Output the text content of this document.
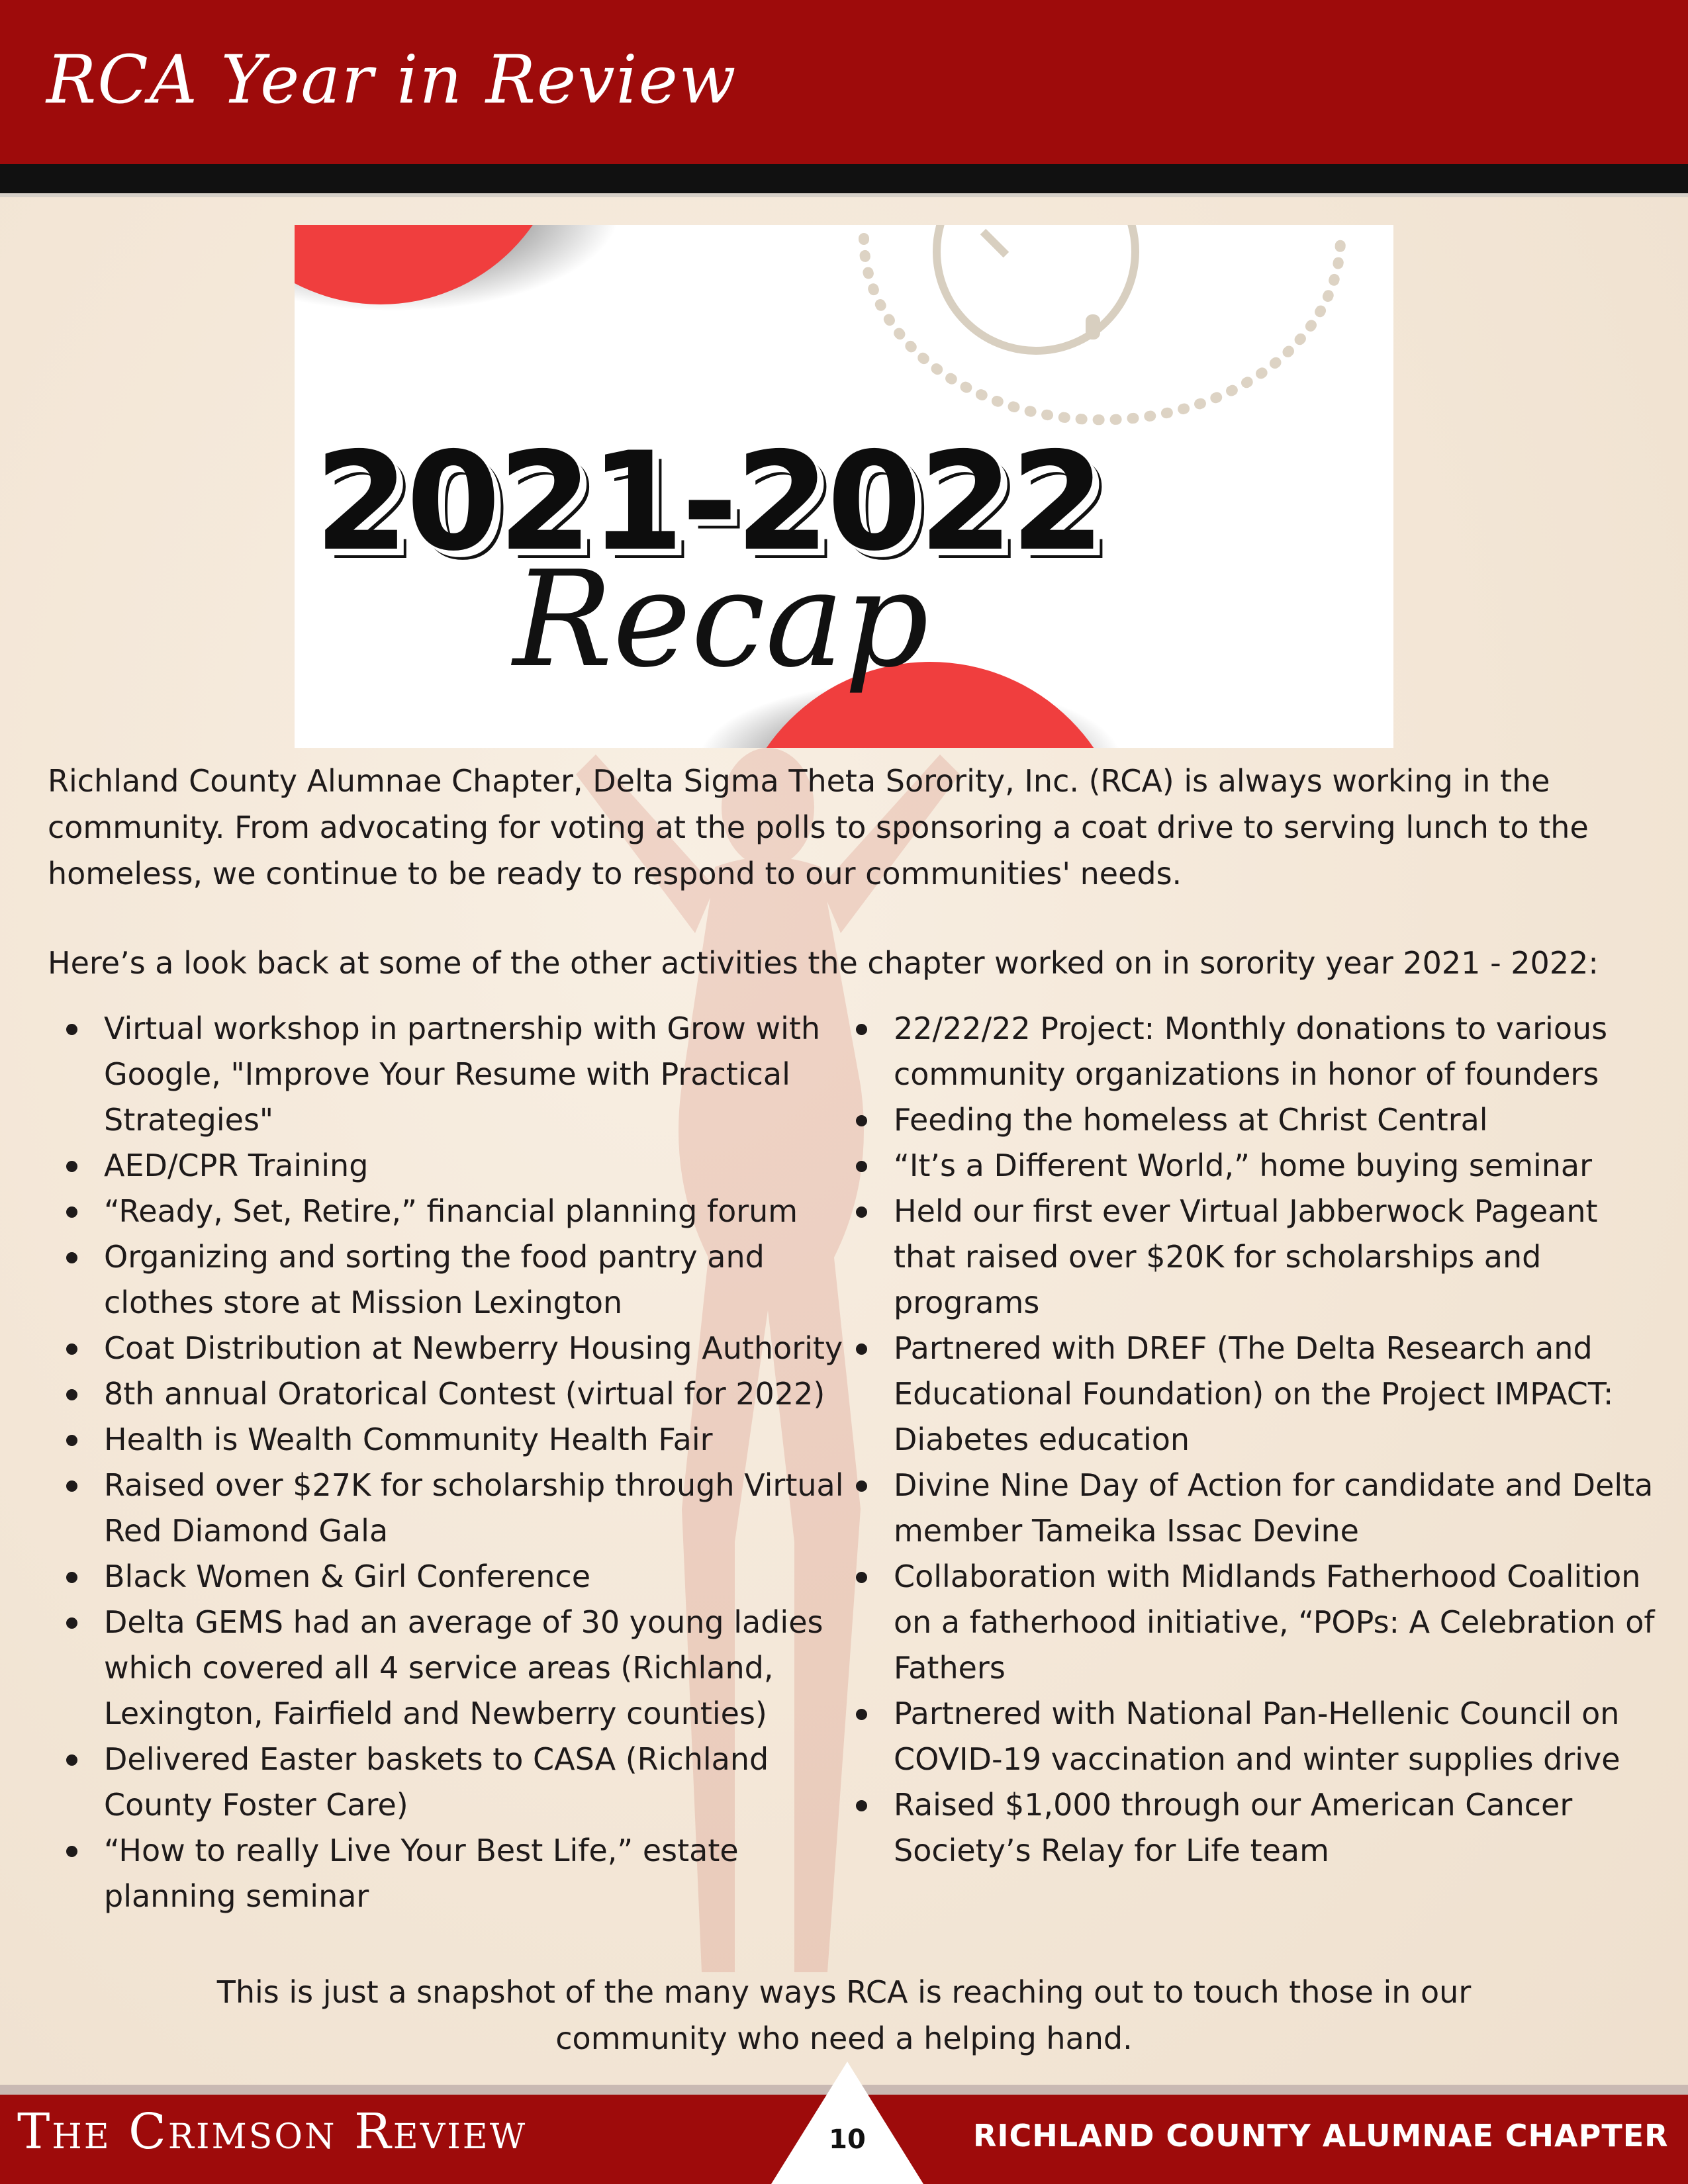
RCA Year in Review
2021-2022
Recap

Richland County Alumnae Chapter, Delta Sigma Theta Sorority, Inc. (RCA) is always working in the community. From advocating for voting at the polls to sponsoring a coat drive to serving lunch to the homeless, we continue to be ready to respond to our communities' needs.

Here’s a look back at some of the other activities the chapter worked on in sorority year 2021 - 2022:

Virtual workshop in partnership with Grow with Google, "Improve Your Resume with Practical Strategies"
AED/CPR Training
“Ready, Set, Retire,” financial planning forum
Organizing and sorting the food pantry and clothes store at Mission Lexington
Coat Distribution at Newberry Housing Authority
8th annual Oratorical Contest (virtual for 2022)
Health is Wealth Community Health Fair
Raised over $27K for scholarship through Virtual Red Diamond Gala
Black Women & Girl Conference
Delta GEMS had an average of 30 young ladies which covered all 4 service areas (Richland, Lexington, Fairfield and Newberry counties)
Delivered Easter baskets to CASA (Richland County Foster Care)
“How to really Live Your Best Life,” estate planning seminar
22/22/22 Project: Monthly donations to various community organizations in honor of founders
Feeding the homeless at Christ Central
“It’s a Different World,” home buying seminar
Held our first ever Virtual Jabberwock Pageant that raised over $20K for scholarships and programs
Partnered with DREF (The Delta Research and Educational Foundation) on the Project IMPACT: Diabetes education
Divine Nine Day of Action for candidate and Delta member Tameika Issac Devine
Collaboration with Midlands Fatherhood Coalition on a fatherhood initiative, “POPs: A Celebration of Fathers
Partnered with National Pan-Hellenic Council on COVID-19 vaccination and winter supplies drive
Raised $1,000 through our American Cancer Society’s Relay for Life team

This is just a snapshot of the many ways RCA is reaching out to touch those in our community who need a helping hand.

The Crimson Review	10	RICHLAND COUNTY ALUMNAE CHAPTER
